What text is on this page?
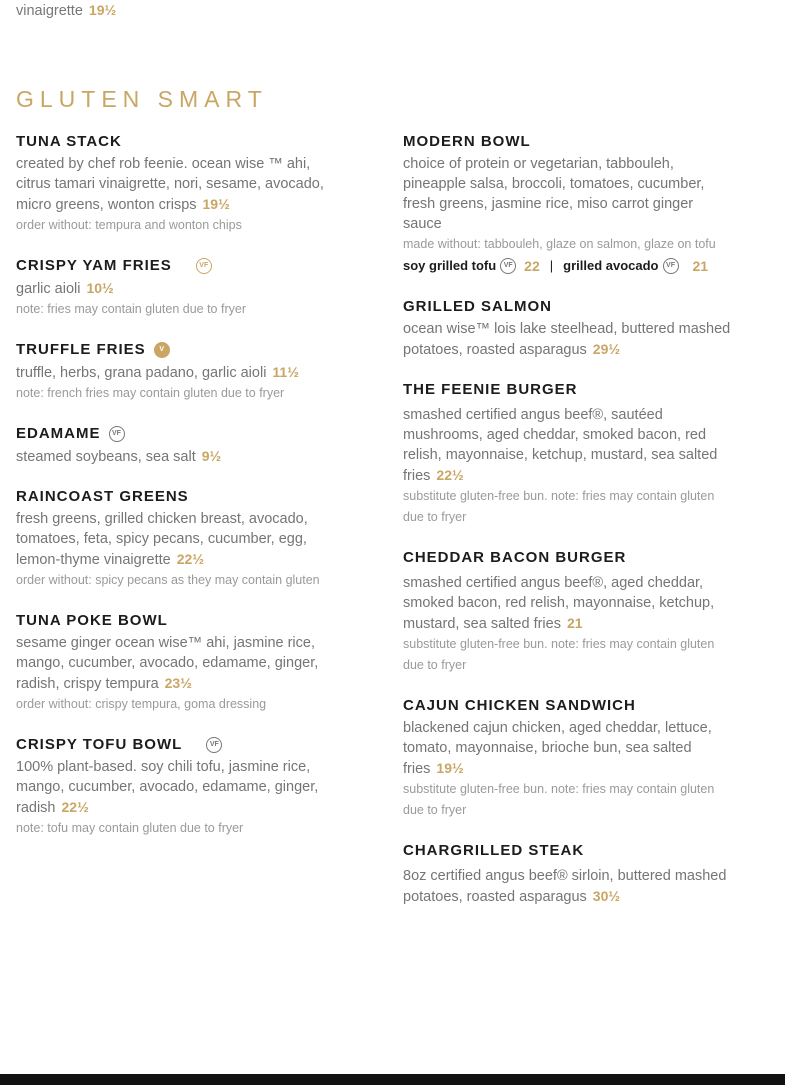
vinaigrette 19½
GLUTEN SMART
TUNA STACK
created by chef rob feenie. ocean wise ™ ahi, citrus tamari vinaigrette, nori, sesame, avocado, micro greens, wonton crisps 19½
order without: tempura and wonton chips
CRISPY YAM FRIES	VF
garlic aioli 10½
note: fries may contain gluten due to fryer
TRUFFLE FRIES	V
truffle, herbs, grana padano, garlic aioli 11½
note: french fries may contain gluten due to fryer
EDAMAME	VF
steamed soybeans, sea salt 9½
RAINCOAST GREENS
fresh greens, grilled chicken breast, avocado, tomatoes, feta, spicy pecans, cucumber, egg, lemon-thyme vinaigrette 22½
order without: spicy pecans as they may contain gluten
TUNA POKE BOWL
sesame ginger ocean wise™ ahi, jasmine rice, mango, cucumber, avocado, edamame, ginger, radish, crispy tempura 23½
order without: crispy tempura, goma dressing
CRISPY TOFU BOWL	VF
100% plant-based. soy chili tofu, jasmine rice, mango, cucumber, avocado, edamame, ginger, radish 22½
note: tofu may contain gluten due to fryer
MODERN BOWL
choice of protein or vegetarian, tabbouleh, pineapple salsa, broccoli, tomatoes, cucumber, fresh greens, jasmine rice, miso carrot ginger sauce
made without: tabbouleh, glaze on salmon, glaze on tofu
soy grilled tofu	VF 22 | grilled avocado	VF 21
GRILLED SALMON
ocean wise™ lois lake steelhead, buttered mashed potatoes, roasted asparagus 29½
THE FEENIE BURGER
smashed certified angus beef®, sautéed mushrooms, aged cheddar, smoked bacon, red relish, mayonnaise, ketchup, mustard, sea salted fries 22½
substitute gluten-free bun. note: fries may contain gluten due to fryer
CHEDDAR BACON BURGER
smashed certified angus beef®, aged cheddar, smoked bacon, red relish, mayonnaise, ketchup, mustard, sea salted fries 21
substitute gluten-free bun. note: fries may contain gluten due to fryer
CAJUN CHICKEN SANDWICH
blackened cajun chicken, aged cheddar, lettuce, tomato, mayonnaise, brioche bun, sea salted fries 19½
substitute gluten-free bun. note: fries may contain gluten due to fryer
CHARGRILLED STEAK
8oz certified angus beef® sirloin, buttered mashed potatoes, roasted asparagus 30½
